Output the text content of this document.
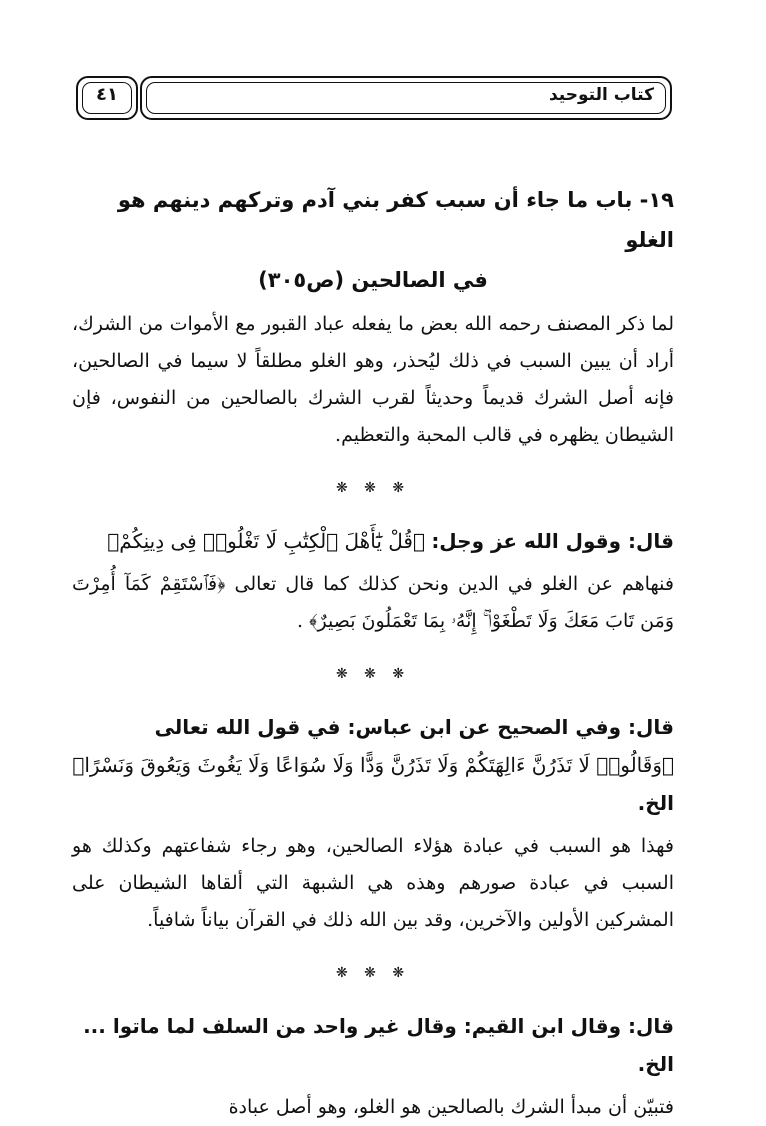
كتاب التوحيد
٤١
١٩- باب ما جاء أن سبب كفر بني آدم وتركهم دينهم هو الغلو
في الصالحين (ص٣٠٥)

لما ذكر المصنف رحمه الله بعض ما يفعله عباد القبور مع الأموات من الشرك، أراد أن يبين السبب في ذلك ليُحذر، وهو الغلو مطلقاً لا سيما في الصالحين، فإنه أصل الشرك قديماً وحديثاً لقرب الشرك بالصالحين من النفوس، فإن الشيطان يظهره في قالب المحبة والتعظيم.

❋ ❋ ❋

قال: وقول الله عز وجل: ﴿قُلْ يَٰٓأَهْلَ ٱلْكِتَٰبِ لَا تَغْلُوا۟ فِى دِينِكُمْ﴾

فنهاهم عن الغلو في الدين ونحن كذلك كما قال تعالى ﴿فَٱسْتَقِمْ كَمَآ أُمِرْتَ وَمَن تَابَ مَعَكَ وَلَا تَطْغَوْا۟ ۚ إِنَّهُۥ بِمَا تَعْمَلُونَ بَصِيرٌ﴾ .

❋ ❋ ❋

قال: وفي الصحيح عن ابن عباس: في قول الله تعالى ﴿وَقَالُوا۟ لَا تَذَرُنَّ ءَالِهَتَكُمْ وَلَا تَذَرُنَّ وَدًّا وَلَا سُوَاعًا وَلَا يَغُوثَ وَيَعُوقَ وَنَسْرًا﴾ الخ.

فهذا هو السبب في عبادة هؤلاء الصالحين، وهو رجاء شفاعتهم وكذلك هو السبب في عبادة صورهم وهذه هي الشبهة التي ألقاها الشيطان على المشركين الأولين والآخرين، وقد بين الله ذلك في القرآن بياناً شافياً.

❋ ❋ ❋

قال: وقال ابن القيم: وقال غير واحد من السلف لما ماتوا ... الخ.

فتبيّن أن مبدأ الشرك بالصالحين هو الغلو، وهو أصل عبادة
